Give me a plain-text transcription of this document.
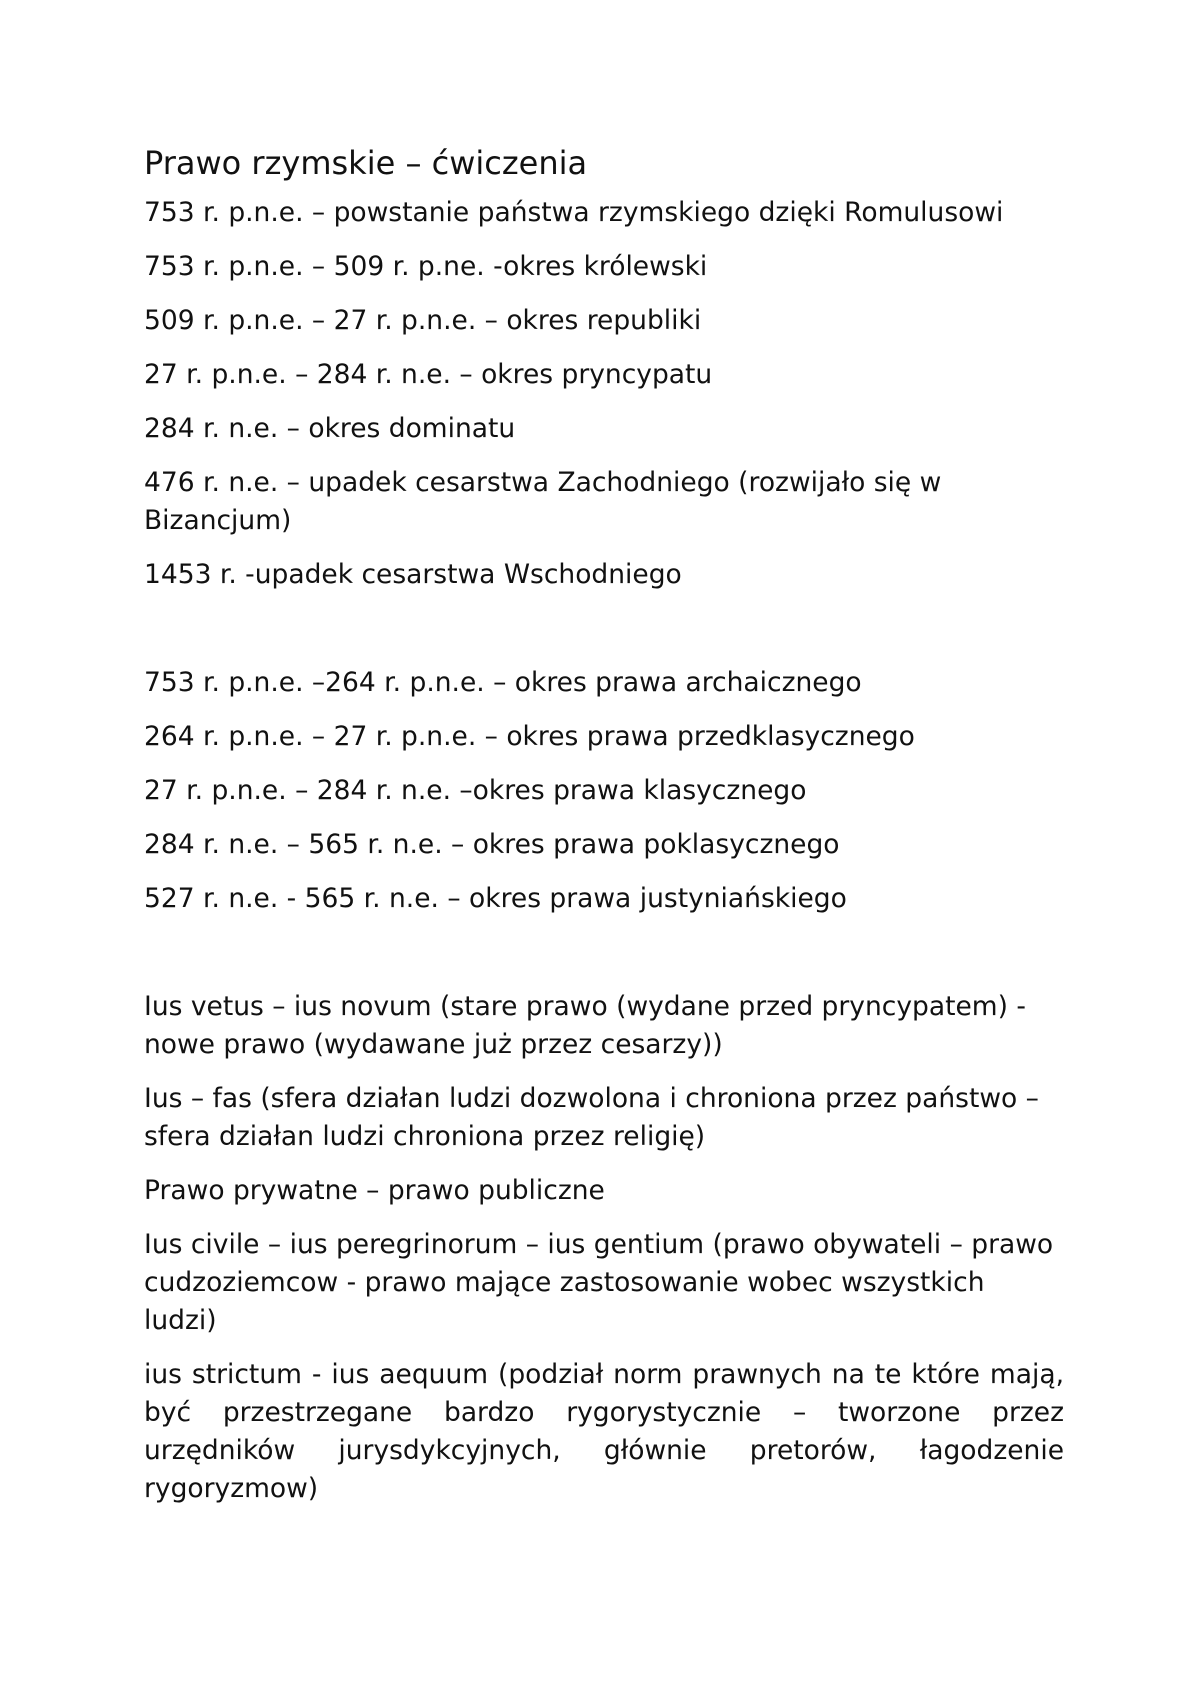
Prawo rzymskie – ćwiczenia

753 r. p.n.e. – powstanie państwa rzymskiego dzięki Romulusowi

753 r. p.n.e. – 509 r. p.ne. -okres królewski

509 r. p.n.e. – 27 r. p.n.e. – okres republiki

27 r. p.n.e. – 284 r. n.e. – okres pryncypatu

284 r. n.e. – okres dominatu

476 r. n.e. – upadek cesarstwa Zachodniego (rozwijało się w Bizancjum)

1453 r. -upadek cesarstwa Wschodniego

753 r. p.n.e. –264 r. p.n.e. – okres prawa archaicznego

264 r. p.n.e. – 27 r. p.n.e. – okres prawa przedklasycznego

27 r. p.n.e. – 284 r. n.e. –okres prawa klasycznego

284 r. n.e. – 565 r. n.e. – okres prawa poklasycznego

527 r. n.e. - 565 r. n.e. – okres prawa justyniańskiego

Ius vetus – ius novum (stare prawo (wydane przed pryncypatem) - nowe prawo (wydawane już przez cesarzy))

Ius – fas (sfera działan ludzi dozwolona i chroniona przez państwo – sfera działan ludzi chroniona przez religię)

Prawo prywatne – prawo publiczne

Ius civile – ius peregrinorum – ius gentium (prawo obywateli – prawo cudzoziemcow - prawo mające zastosowanie wobec wszystkich ludzi)

ius strictum - ius aequum (podział norm prawnych na te które mają, być przestrzegane bardzo rygorystycznie – tworzone przez urzędników jurysdykcyjnych, głównie pretorów, łagodzenie rygoryzmow)
